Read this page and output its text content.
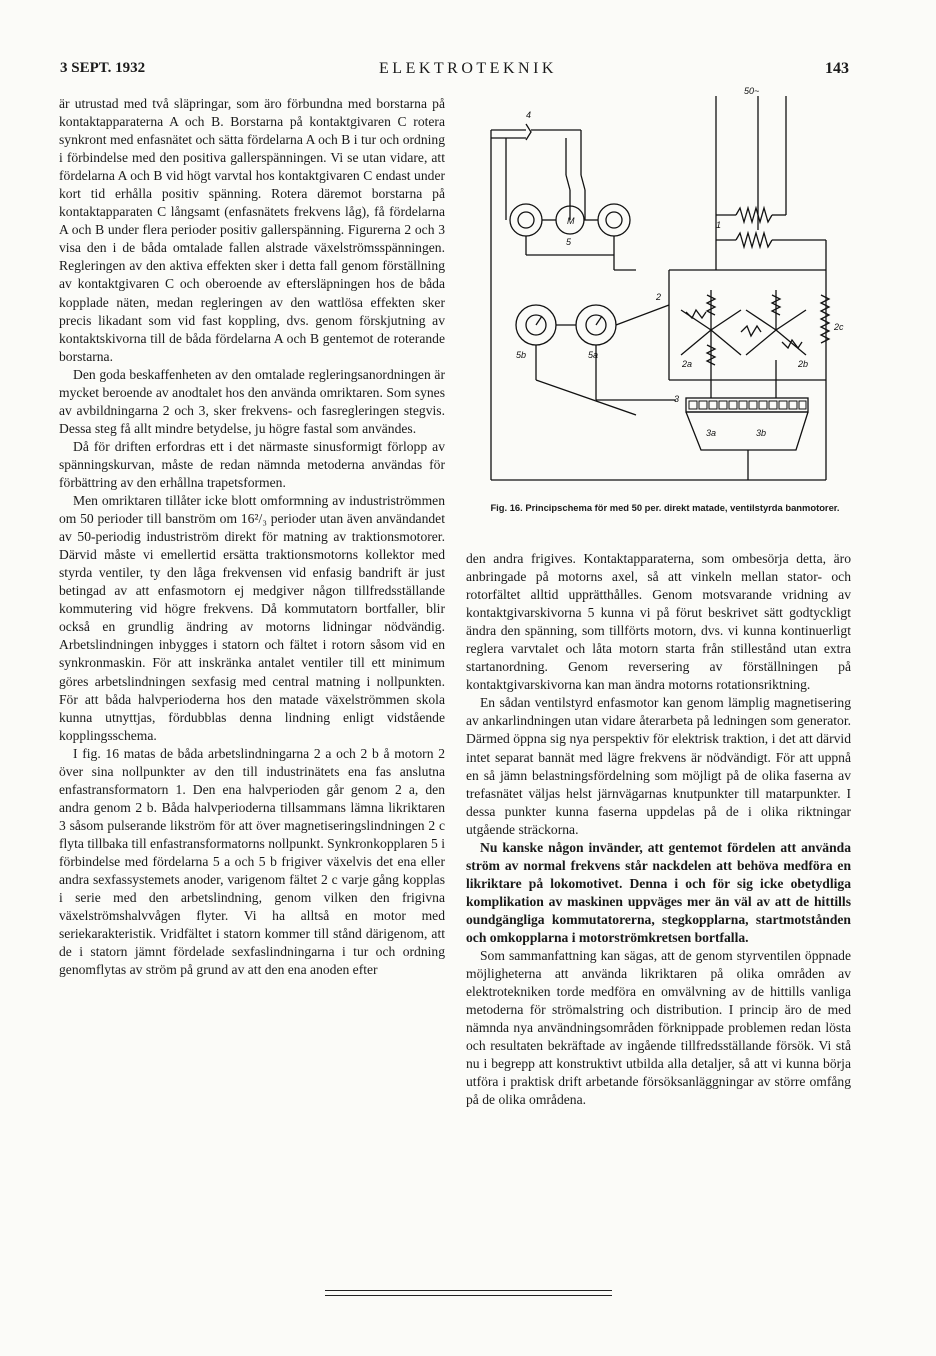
3 SEPT. 1932	ELEKTROTEKNIK	143

är utrustad med två släpringar, som äro förbundna med borstarna på kontaktapparaterna A och B. Borstarna på kontaktgivaren C rotera synkront med enfasnätet och sätta fördelarna A och B i tur och ordning i förbindelse med den positiva gallerspänningen. Vi se utan vidare, att fördelarna A och B vid högt varvtal hos kontaktgivaren C endast under kort tid erhålla positiv spänning. Rotera däremot borstarna på kontaktapparaten C långsamt (enfasnätets frekvens låg), få fördelarna A och B under flera perioder positiv gallerspänning. Figurerna 2 och 3 visa den i de båda omtalade fallen alstrade växelströmsspänningen. Regleringen av den aktiva effekten sker i detta fall genom förställning av kontaktgivaren C och oberoende av eftersläpningen hos de båda kopplade näten, medan regleringen av den wattlösa effekten sker precis likadant som vid fast koppling, dvs. genom förskjutning av kontaktskivorna till de båda fördelarna A och B gentemot de roterande borstarna.

Den goda beskaffenheten av den omtalade regleringsanordningen är mycket beroende av anodtalet hos den använda omriktaren. Som synes av avbildningarna 2 och 3, sker frekvens- och fasregleringen stegvis. Dessa steg få allt mindre betydelse, ju högre fastal som användes.

Då för driften erfordras ett i det närmaste sinusformigt förlopp av spänningskurvan, måste de redan nämnda metoderna användas för förbättring av den erhållna trapetsformen.

Men omriktaren tillåter icke blott omformning av industriströmmen om 50 perioder till banström om 16²/₃ perioder utan även användandet av 50-periodig industriström direkt för matning av traktionsmotorer. Därvid måste vi emellertid ersätta traktionsmotorns kollektor med styrda ventiler, ty den låga frekvensen vid enfasig bandrift är just betingad av att enfasmotorn ej medgiver någon tillfredsställande kommutering vid högre frekvens. Då kommutatorn bortfaller, blir också en grundlig ändring av motorns lidningar nödvändig. Arbetslindningen inbygges i statorn och fältet i rotorn såsom vid en synkronmaskin. För att inskränka antalet ventiler till ett minimum göres arbetslindningen sexfasig med central matning i nollpunkten. För att båda halvperioderna hos den matade växelströmmen skola kunna utnyttjas, fördubblas denna lindning enligt vidstående kopplingsschema.

I fig. 16 matas de båda arbetslindningarna 2 a och 2 b å motorn 2 över sina nollpunkter av den till industrinätets ena fas anslutna enfastransformatorn 1. Den ena halvperioden går genom 2 a, den andra genom 2 b. Båda halvperioderna tillsammans lämna likriktaren 3 såsom pulserande likström för att över magnetiseringslindningen 2 c flyta tillbaka till enfastransformatorns nollpunkt. Synkronkopplaren 5 i förbindelse med fördelarna 5 a och 5 b frigiver växelvis det ena eller andra sexfassystemets anoder, varigenom fältet 2 c varje gång kopplas i serie med den arbetslindning, genom vilken den frigivna växelströmshalvvågen flyter. Vi ha alltså en motor med seriekarakteristik. Vridfältet i statorn kommer till stånd därigenom, att de i statorn jämnt fördelade sexfaslindningarna i tur och ordning genomflytas av ström på grund av att den ena anoden efter

50~
4
1
5
M
2
2a	2b
2c
5b	5a
3
3a	3b
Fig. 16. Principschema för med 50 per. direkt matade, ventilstyrda banmotorer.

den andra frigives. Kontaktapparaterna, som ombesörja detta, äro anbringade på motorns axel, så att vinkeln mellan stator- och rotorfältet alltid upprätthålles. Genom motsvarande vridning av kontaktgivarskivorna 5 kunna vi på förut beskrivet sätt godtyckligt ändra den spänning, som tillförts motorn, dvs. vi kunna kontinuerligt reglera varvtalet och låta motorn starta från stillestånd utan extra startanordning. Genom reversering av förställningen på kontaktgivarskivorna kan man ändra motorns rotationsriktning.

En sådan ventilstyrd enfasmotor kan genom lämplig magnetisering av ankarlindningen utan vidare återarbeta på ledningen som generator. Därmed öppna sig nya perspektiv för elektrisk traktion, i det att därvid intet separat bannät med lägre frekvens är nödvändigt. För att uppnå en så jämn belastningsfördelning som möjligt på de olika faserna av trefasnätet väljas helst järnvägarnas knutpunkter till matarpunkter. I dessa punkter kunna faserna uppdelas på de i olika riktningar utgående sträckorna.

Nu kanske någon invänder, att gentemot fördelen att använda ström av normal frekvens står nackdelen att behöva medföra en likriktare på lokomotivet. Denna i och för sig icke obetydliga komplikation av maskinen uppväges mer än väl av att de hittills oundgängliga kommutatorerna, stegkopplarna, startmotstånden och omkopplarna i motorströmkretsen bortfalla.

Som sammanfattning kan sägas, att de genom styrventilen öppnade möjligheterna att använda likriktaren på olika områden av elektrotekniken torde medföra en omvälvning av de hittills vanliga metoderna för strömalstring och distribution. I princip äro de med nämnda nya användningsområden förknippade problemen redan lösta och resultaten bekräftade av ingående tillfredsställande försök. Vi stå nu i begrepp att konstruktivt utbilda alla detaljer, så att vi kunna börja utföra i praktisk drift arbetande försöksanläggningar av större omfång på de olika områdena.
